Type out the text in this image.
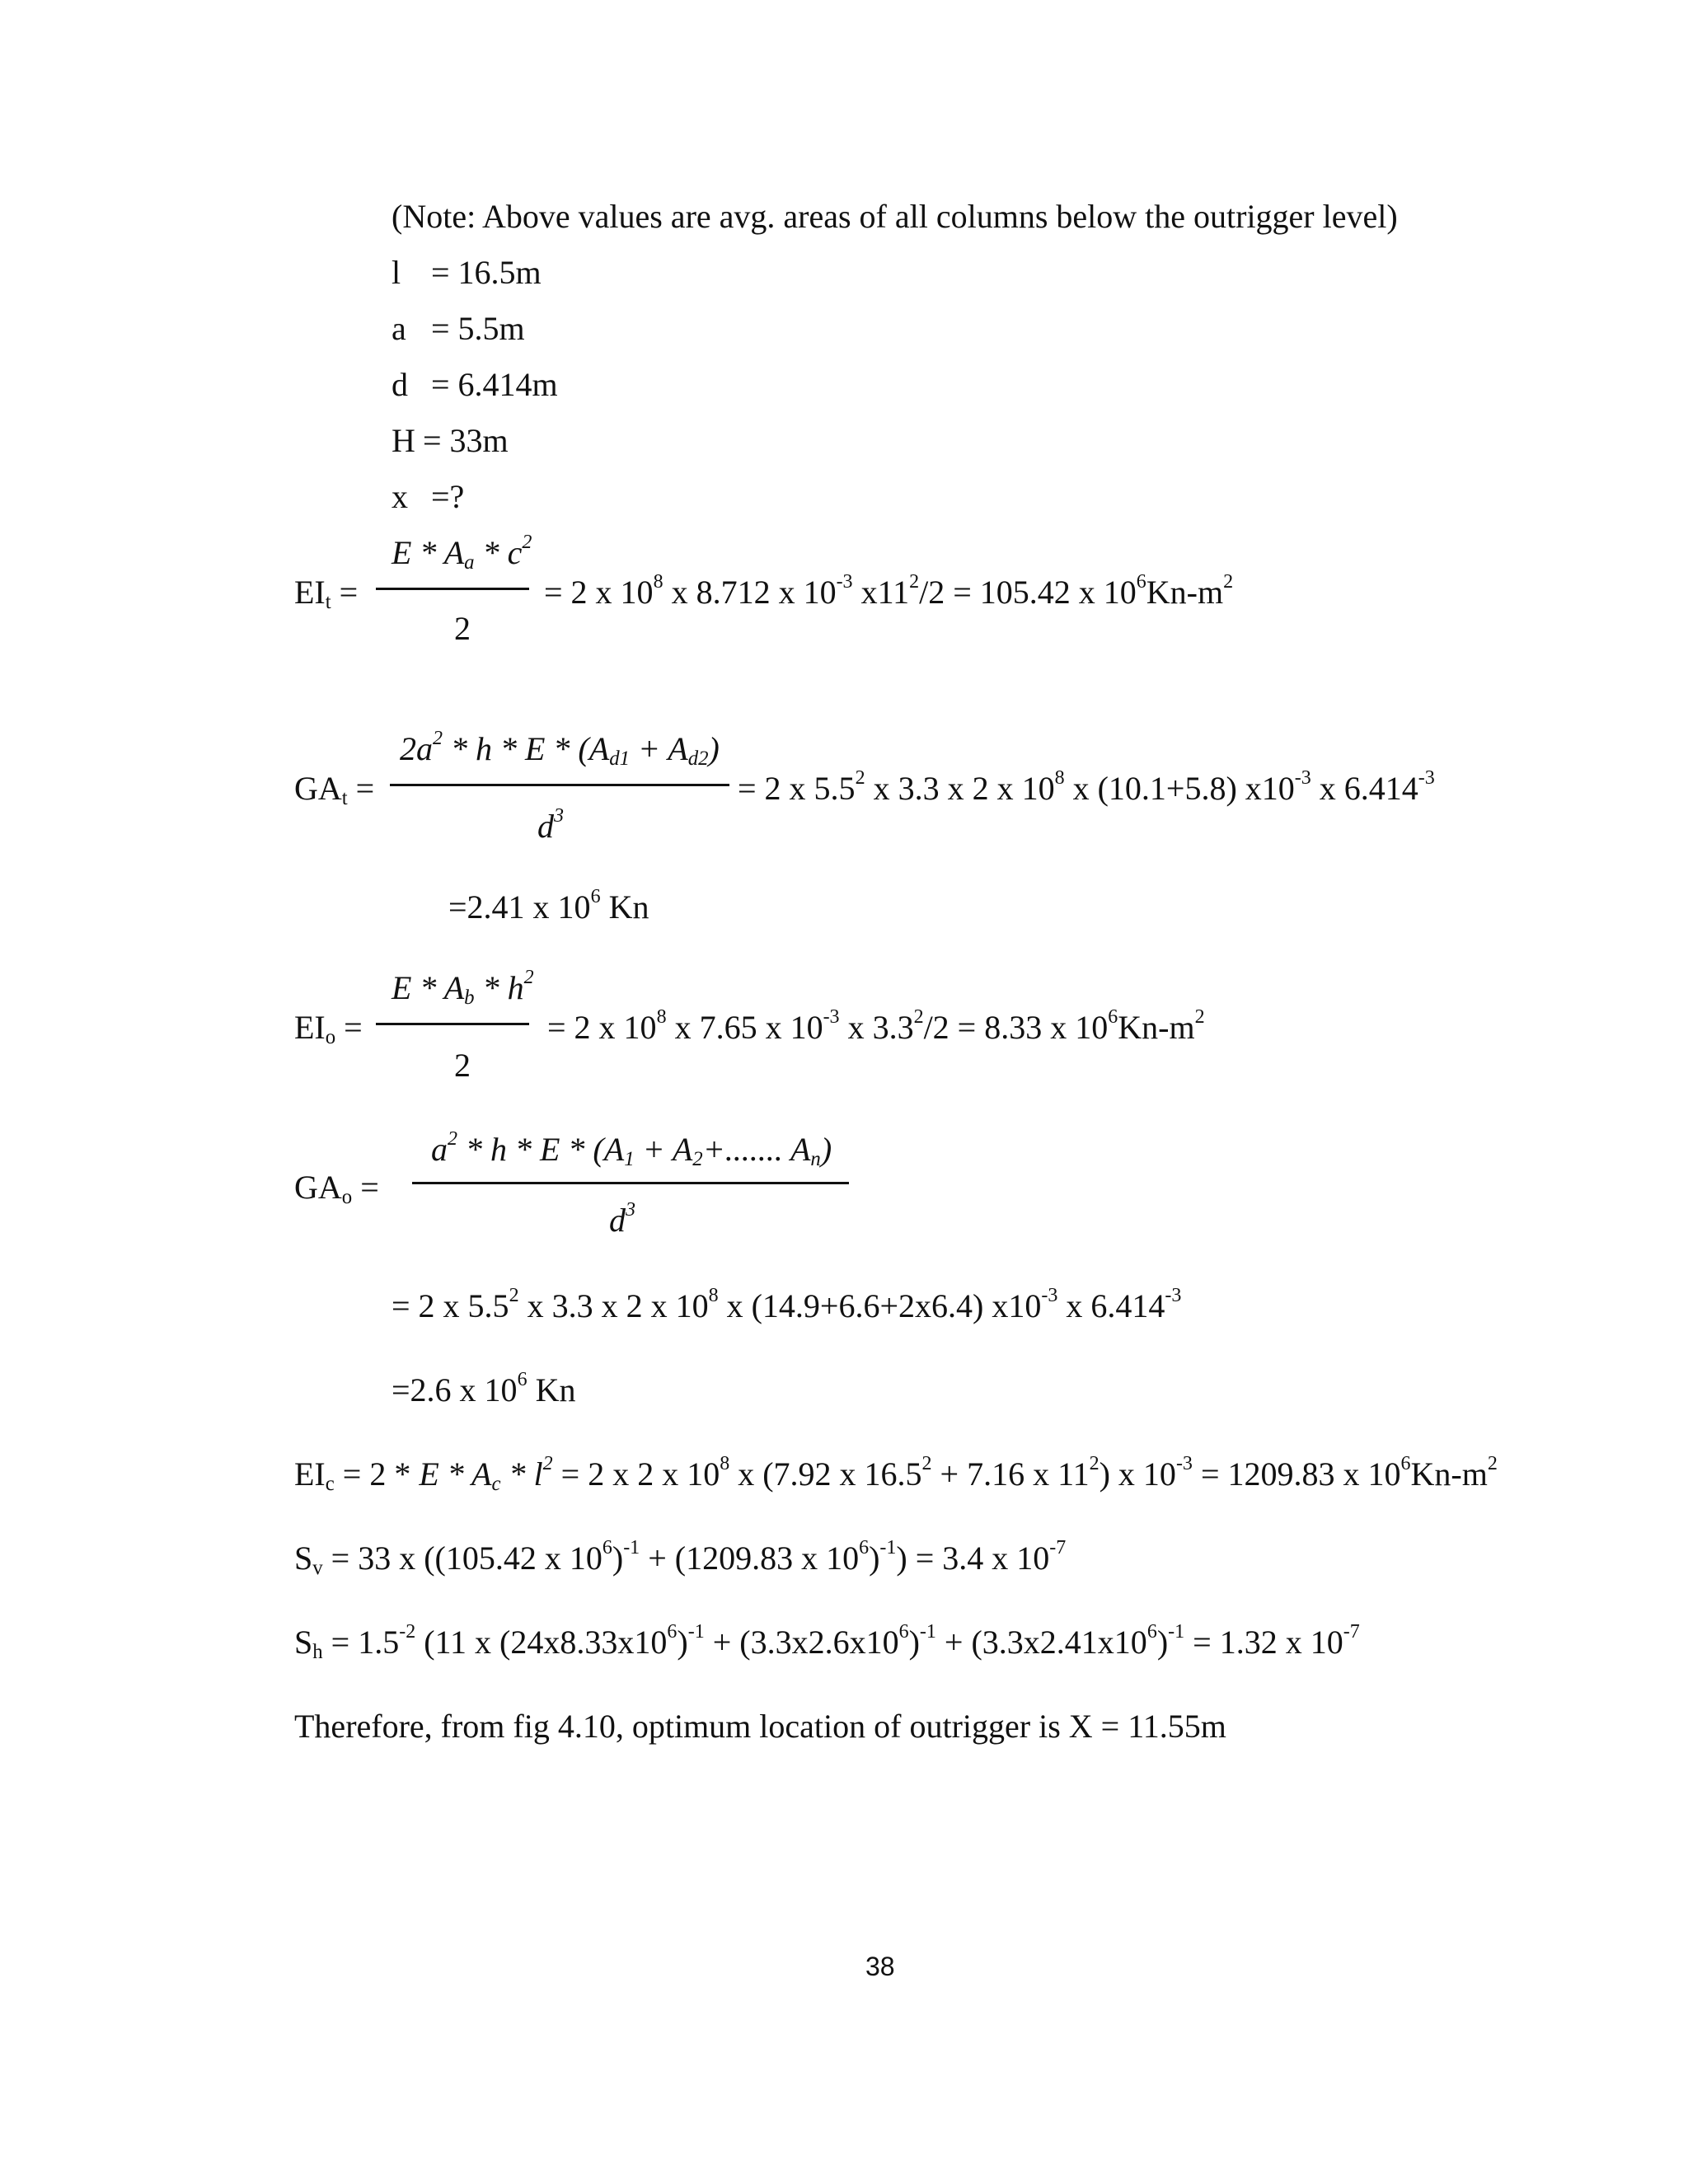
(Note: Above values are avg. areas of all columns below the outrigger level)
l = 16.5m
a = 5.5m
d = 6.414m
H = 33m
x =?
E * $A_a * c^2$
$EI_t$ =	= 2 x $10^8$ x 8.712 x $10^{-3}$ $x11^2/2 = 105.42$ x $10^6Kn-m^2$
2
$2a^2 * h * E * (A_{d1} + A_{d2})$
$GA_t$ =	= 2 x $5.5^2$ x 3.3 x 2 x $10^8$ x (10.1+5.8) $x10^{-3}$ x $6.414^{-3}$
$d^3$
=2.41 x $10^6$ Kn
E * $A_b * h^2$
$EI_o$ =	= 2 x $10^8$ x 7.65 x $10^{-3}$ x $3.3^2/2 = 8.33$ x $10^6Kn-m^2$
2
$a^2 * h * E * (A_1 + A_2+$....... $A_n$)
$GA_o$ =
$d^3$
= 2 x $5.5^2$ x 3.3 x 2 x $10^8$ x (14.9+6.6+2x6.4) $x10^{-3}$ x $6.414^{-3}$
=2.6 x $10^6$ Kn
$EI_c = 2 * E * A_c * l^2 = 2$ x 2 x $10^8$ x (7.92 x $16.5^2 + 7.16$ x $11^2$) x $10^{-3} = 1209.83$ x $10^6Kn-m^2$
$S_v = 33$ x ((105.42 x $10^6)^{-1} + (1209.83$ x $10^6)^{-1}) = 3.4$ x $10^{-7}$
$S_h = 1.5^{-2}$ (11 x $(24x8.33x10^6)^{-1} + (3.3x2.6x10^6)^{-1} + (3.3x2.41x10^6)^{-1} = 1.32$ x $10^{-7}$
Therefore, from fig 4.10, optimum location of outrigger is X = 11.55m
38
